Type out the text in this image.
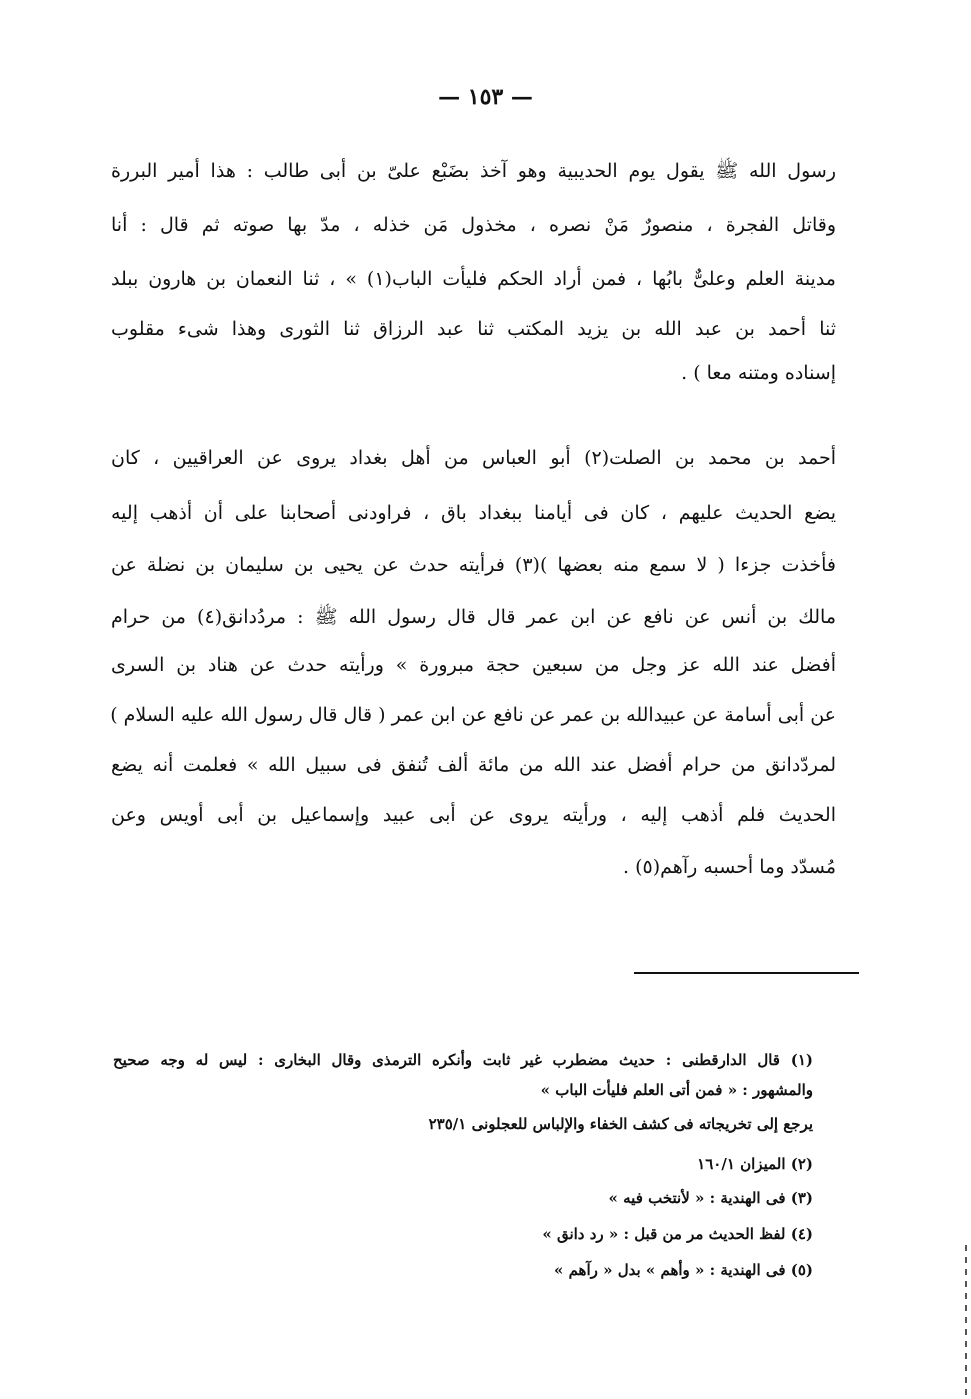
— ١٥٣ —
رسول الله ﷺ يقول يوم الحديبية وهو آخذ بضَبْع علىّ بن أبى طالب : هذا أمير البررة
وقاتل الفجرة ، منصورٌ مَنْ نصره ، مخذول مَن خذله ، مدّ بها صوته ثم قال : أنا
مدينة العلم وعلىٌّ بابُها ، فمن أراد الحكم فليأت الباب(١) » ، ثنا النعمان بن هارون ببلد
ثنا أحمد بن عبد الله بن يزيد المكتب ثنا عبد الرزاق ثنا الثورى وهذا شىء مقلوب
إسناده ومتنه معا ) .
أحمد بن محمد بن الصلت(٢) أبو العباس من أهل بغداد يروى عن العراقيين ، كان
يضع الحديث عليهم ، كان فى أيامنا ببغداد باق ، فراودنى أصحابنا على أن أذهب إليه
فأخذت جزءا ( لا سمع منه بعضها )(٣) فرأيته حدث عن يحيى بن سليمان بن نضلة عن
مالك بن أنس عن نافع عن ابن عمر قال قال رسول الله ﷺ : مردُدانق(٤) من حرام
أفضل عند الله عز وجل من سبعين حجة مبرورة » ورأيته حدث عن هناد بن السرى
عن أبى أسامة عن عبيدالله بن عمر عن نافع عن ابن عمر ( قال قال رسول الله عليه السلام )
لمردّدانق من حرام أفضل عند الله من مائة ألف تُنفق فى سبيل الله » فعلمت أنه يضع
الحديث فلم أذهب إليه ، ورأيته يروى عن أبى عبيد وإسماعيل بن أبى أويس وعن
مُسدّد وما أحسبه رآهم(٥) .
(١) قال الدارقطنى : حديث مضطرب غير ثابت وأنكره الترمذى وقال البخارى : ليس له وجه صحيح
والمشهور : « فمن أتى العلم فليأت الباب »
يرجع إلى تخريجاته فى كشف الخفاء والإلباس للعجلونى ٢٣٥/١
(٢) الميزان ١٦٠/١
(٣) فى الهندية : « لأنتخب فيه »
(٤) لفظ الحديث مر من قبل : « رد دانق »
(٥) فى الهندية : « وأهم » بدل « رآهم »
